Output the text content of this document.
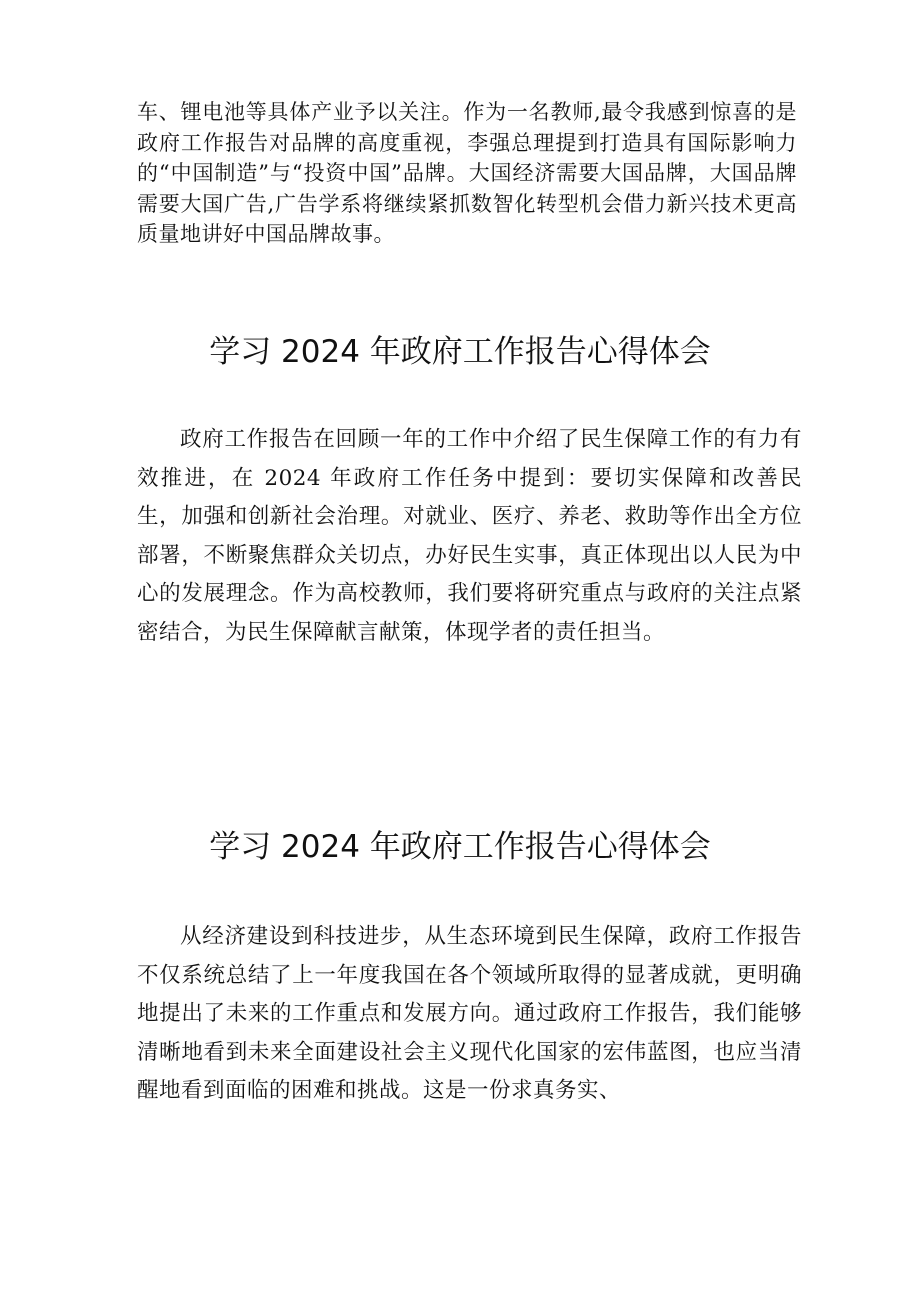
车、锂电池等具体产业予以关注。作为一名教师,最令我感到惊喜的是政府工作报告对品牌的高度重视，李强总理提到打造具有国际影响力的“中国制造”与“投资中国”品牌。大国经济需要大国品牌，大国品牌需要大国广告,广告学系将继续紧抓数智化转型机会借力新兴技术更高质量地讲好中国品牌故事。

学习 2024 年政府工作报告心得体会

政府工作报告在回顾一年的工作中介绍了民生保障工作的有力有效推进，在 2024 年政府工作任务中提到：要切实保障和改善民生，加强和创新社会治理。对就业、医疗、养老、救助等作出全方位部署，不断聚焦群众关切点，办好民生实事，真正体现出以人民为中心的发展理念。作为高校教师，我们要将研究重点与政府的关注点紧密结合，为民生保障献言献策，体现学者的责任担当。

学习 2024 年政府工作报告心得体会

从经济建设到科技进步，从生态环境到民生保障，政府工作报告不仅系统总结了上一年度我国在各个领域所取得的显著成就，更明确地提出了未来的工作重点和发展方向。通过政府工作报告，我们能够清晰地看到未来全面建设社会主义现代化国家的宏伟蓝图，也应当清醒地看到面临的困难和挑战。这是一份求真务实、
